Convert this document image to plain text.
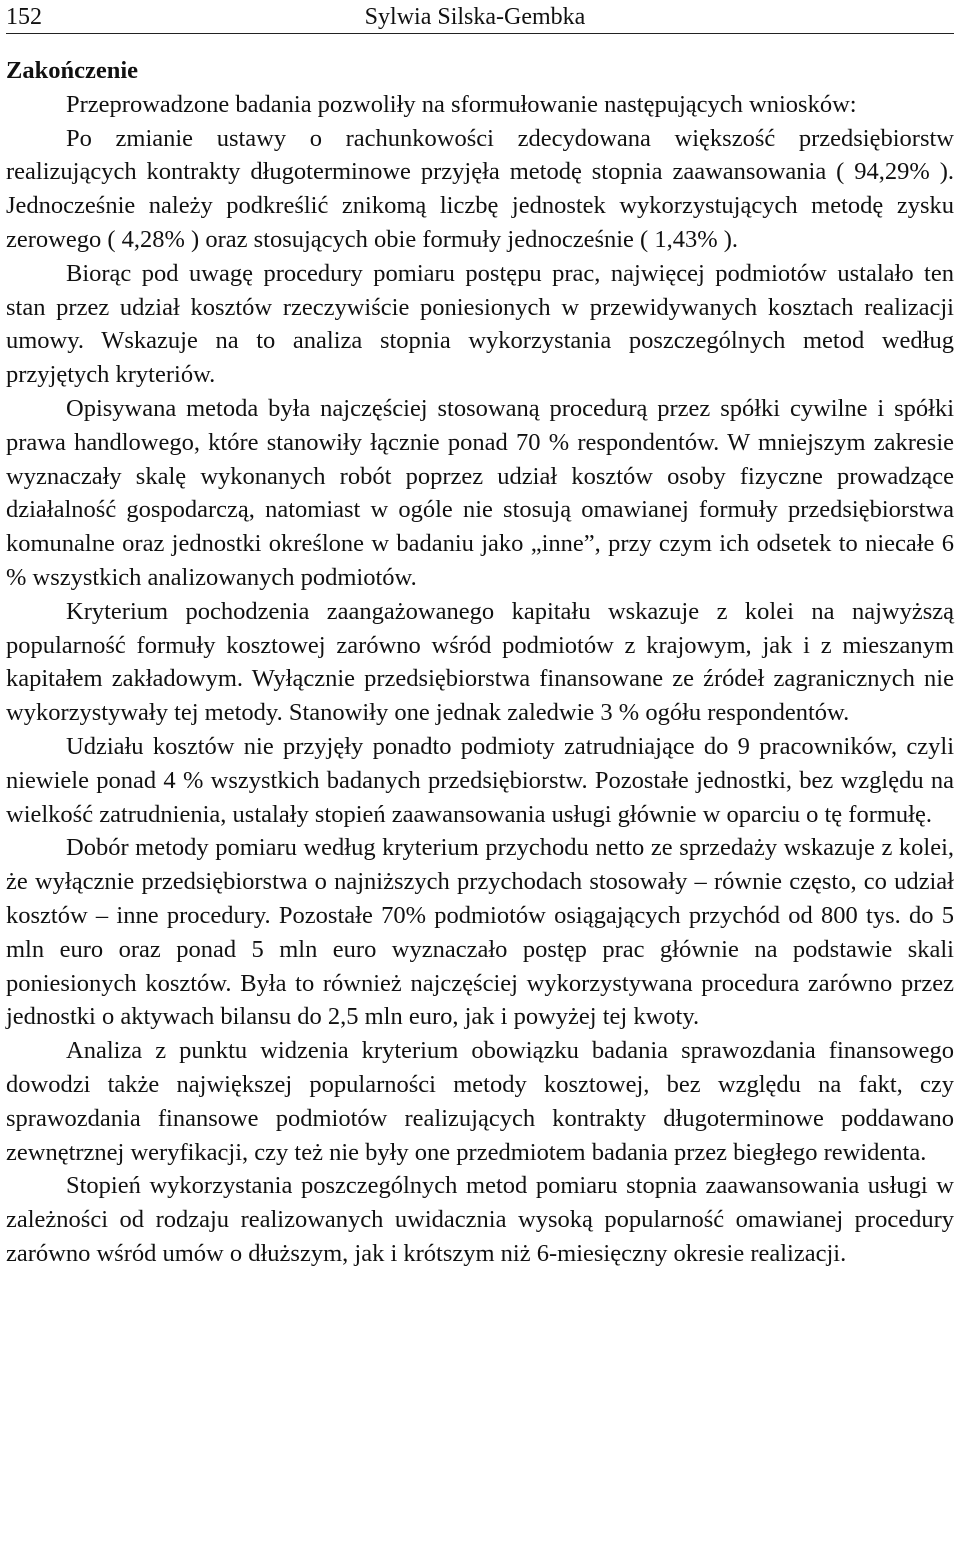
152	Sylwia Silska-Gembka
Zakończenie

Przeprowadzone badania pozwoliły na sformułowanie następujących wniosków:

Po zmianie ustawy o rachunkowości zdecydowana większość przedsiębiorstw realizujących kontrakty długoterminowe przyjęła metodę stopnia zaawansowania ( 94,29% ). Jednocześnie należy podkreślić znikomą liczbę jednostek wykorzystujących metodę zysku zerowego ( 4,28% ) oraz stosujących obie formuły jednocześnie ( 1,43% ).

Biorąc pod uwagę procedury pomiaru postępu prac, najwięcej podmiotów ustalało ten stan przez udział kosztów rzeczywiście poniesionych w przewidywanych kosztach realizacji umowy. Wskazuje na to analiza stopnia wykorzystania poszczególnych metod według przyjętych kryteriów.

Opisywana metoda była najczęściej stosowaną procedurą przez spółki cywilne i spółki prawa handlowego, które stanowiły łącznie ponad 70 % respondentów. W mniejszym zakresie wyznaczały skalę wykonanych robót poprzez udział kosztów osoby fizyczne prowadzące działalność gospodarczą, natomiast w ogóle nie stosują omawianej formuły przedsiębiorstwa komunalne oraz jednostki określone w badaniu jako „inne”, przy czym ich odsetek to niecałe 6 % wszystkich analizowanych podmiotów.

Kryterium pochodzenia zaangażowanego kapitału wskazuje z kolei na najwyższą popularność formuły kosztowej zarówno wśród podmiotów z krajowym, jak i z mieszanym kapitałem zakładowym. Wyłącznie przedsiębiorstwa finansowane ze źródeł zagranicznych nie wykorzystywały tej metody. Stanowiły one jednak zaledwie 3 % ogółu respondentów.

Udziału kosztów nie przyjęły ponadto podmioty zatrudniające do 9 pracowników, czyli niewiele ponad 4 % wszystkich badanych przedsiębiorstw. Pozostałe jednostki, bez względu na wielkość zatrudnienia, ustalały stopień zaawansowania usługi głównie w oparciu o tę formułę.

Dobór metody pomiaru według kryterium przychodu netto ze sprzedaży wskazuje z kolei, że wyłącznie przedsiębiorstwa o najniższych przychodach stosowały – równie często, co udział kosztów – inne procedury. Pozostałe 70% podmiotów osiągających przychód od 800 tys. do 5 mln euro oraz ponad 5 mln euro wyznaczało postęp prac głównie na podstawie skali poniesionych kosztów. Była to również najczęściej wykorzystywana procedura zarówno przez jednostki o aktywach bilansu do 2,5 mln euro, jak i powyżej tej kwoty.

Analiza z punktu widzenia kryterium obowiązku badania sprawozdania finansowego dowodzi także największej popularności metody kosztowej, bez względu na fakt, czy sprawozdania finansowe podmiotów realizujących kontrakty długoterminowe poddawano zewnętrznej weryfikacji, czy też nie były one przedmiotem badania przez biegłego rewidenta.

Stopień wykorzystania poszczególnych metod pomiaru stopnia zaawansowania usługi w zależności od rodzaju realizowanych uwidacznia wysoką popularność omawianej procedury zarówno wśród umów o dłuższym, jak i krótszym niż 6-miesięczny okresie realizacji.
